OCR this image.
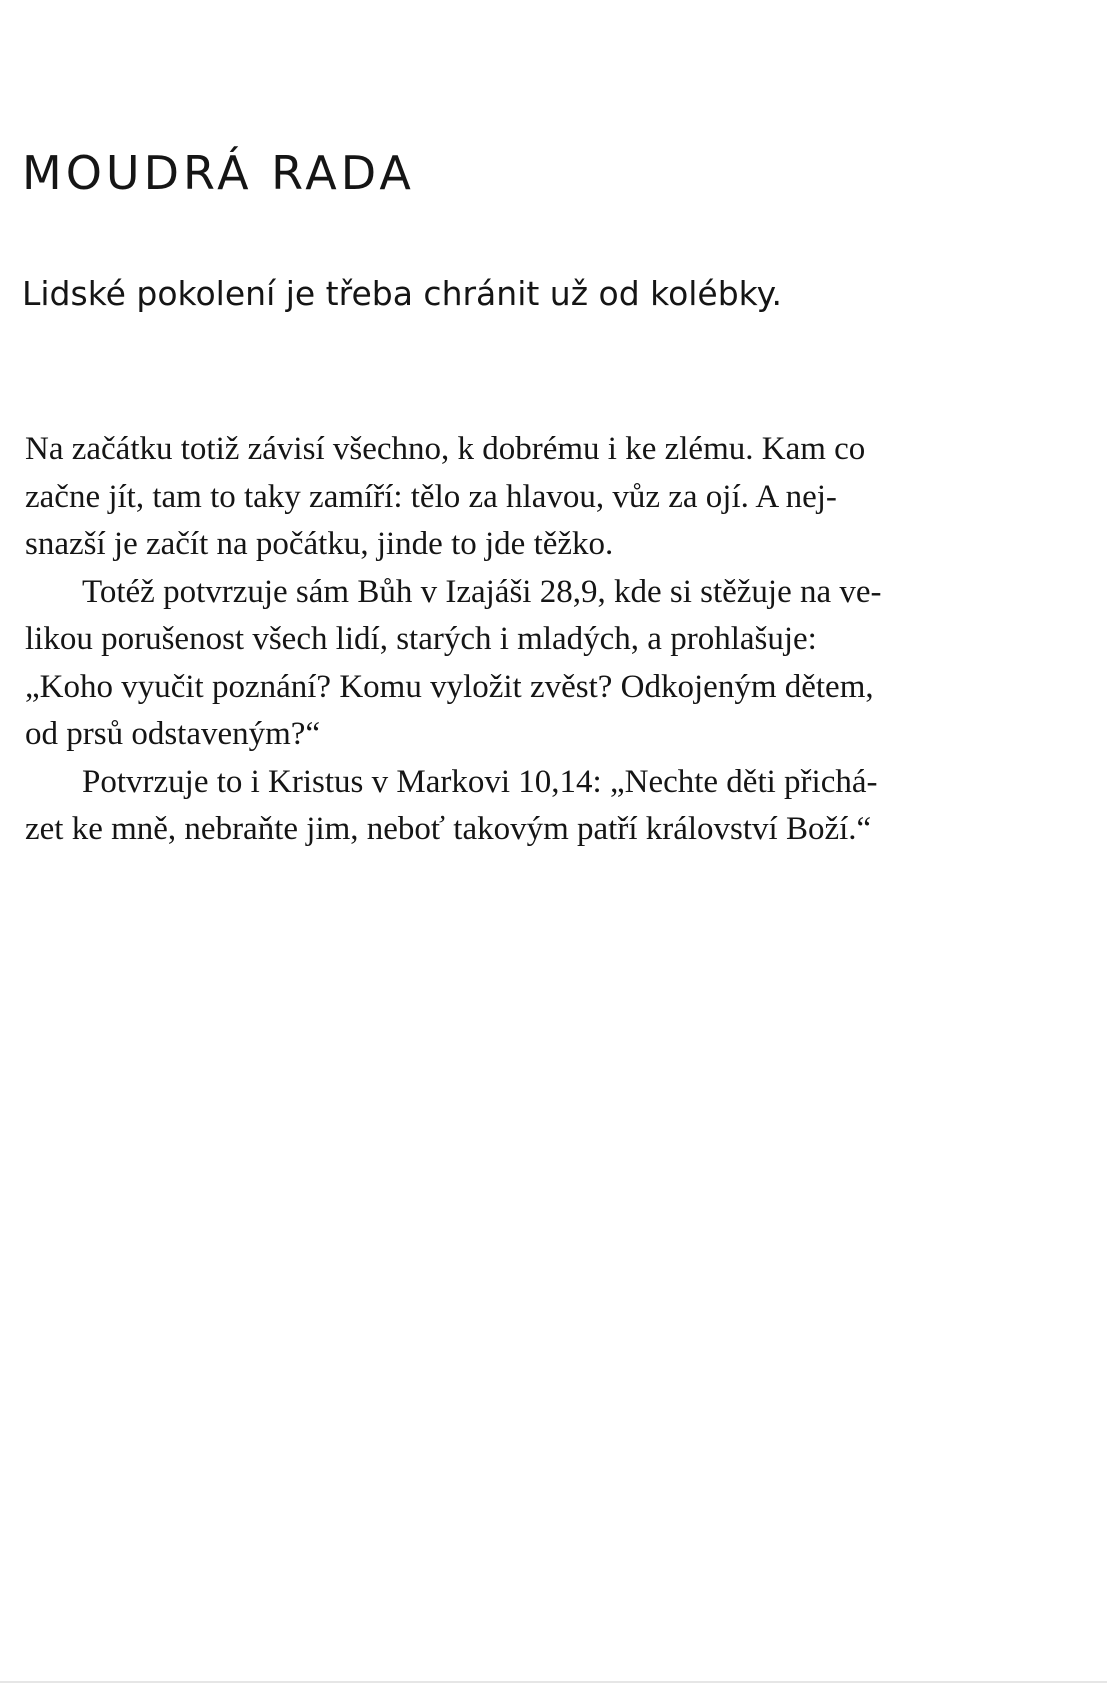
MOUDRÁ RADA

Lidské pokolení je třeba chránit už od kolébky.

Na začátku totiž závisí všechno, k dobrému i ke zlému. Kam co
začne jít, tam to taky zamíří: tělo za hlavou, vůz za ojí. A nej-
snazší je začít na počátku, jinde to jde těžko.
Totéž potvrzuje sám Bůh v Izajáši 28,9, kde si stěžuje na ve-
likou porušenost všech lidí, starých i mladých, a prohlašuje:
„Koho vyučit poznání? Komu vyložit zvěst? Odkojeným dětem,
od prsů odstaveným?“
Potvrzuje to i Kristus v Markovi 10,14: „Nechte děti přichá-
zet ke mně, nebraňte jim, neboť takovým patří království Boží.“
